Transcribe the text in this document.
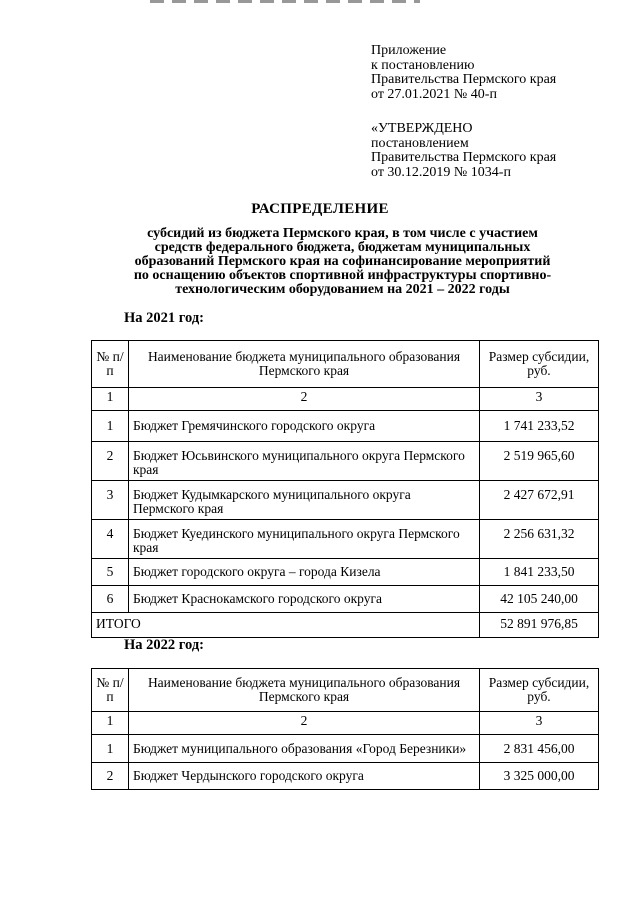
Приложение
к постановлению
Правительства Пермского края
от 27.01.2021 № 40-п
«УТВЕРЖДЕНО
постановлением
Правительства Пермского края
от 30.12.2019 № 1034-п
РАСПРЕДЕЛЕНИЕ
субсидий из бюджета Пермского края, в том числе с участием
средств федерального бюджета, бюджетам муниципальных
образований Пермского края на софинансирование мероприятий
по оснащению объектов спортивной инфраструктуры спортивно-
технологическим оборудованием на 2021 – 2022 годы
На 2021 год:
№ п/п	Наименование бюджета муниципального образования Пермского края	Размер субсидии, руб.
1	2	3
1	Бюджет Гремячинского городского округа	1 741 233,52
2	Бюджет Юсьвинского муниципального округа Пермского края	2 519 965,60
3	Бюджет Кудымкарского муниципального округа Пермского края	2 427 672,91
4	Бюджет Куединского муниципального округа Пермского края	2 256 631,32
5	Бюджет городского округа – города Кизела	1 841 233,50
6	Бюджет Краснокамского городского округа	42 105 240,00
ИТОГО		52 891 976,85
На 2022 год:
№ п/п	Наименование бюджета муниципального образования Пермского края	Размер субсидии, руб.
1	2	3
1	Бюджет муниципального образования «Город Березники»	2 831 456,00
2	Бюджет Чердынского городского округа	3 325 000,00
